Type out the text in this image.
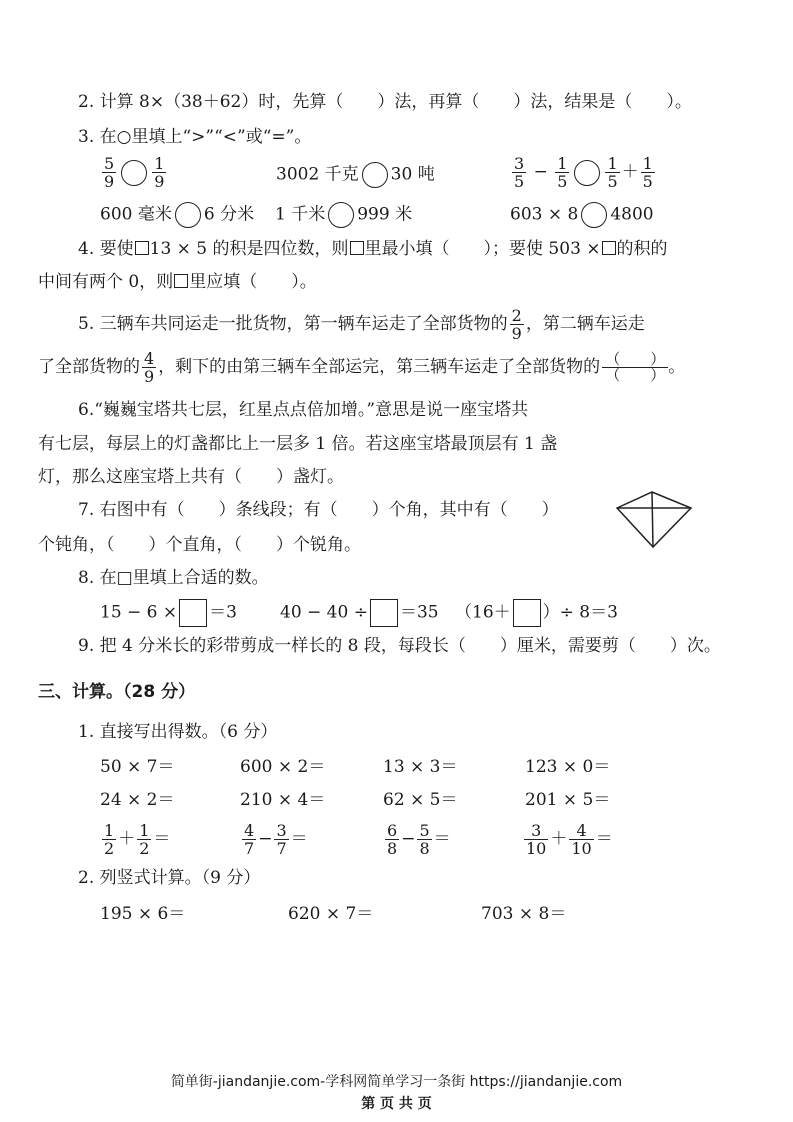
2. 计算 8×（38＋62）时，先算（　　）法，再算（　　）法，结果是（　　）。
3. 在○里填上“>”“<”或“=”。
$\frac{5}{9} \frac{1}{9}$	3002 千克 30 吨	$\frac{3}{5} - \frac{1}{5} \frac{1}{5} + \frac{1}{5}$
600 毫米 6 分米 1 千米 999 米	603 × 8 4800
4. 要使 13 × 5 的积是四位数，则 里最小填（　　）；要使 503 × 的积的
中间有两个 0，则 里应填（　　）。
5. 三辆车共同运走一批货物，第一辆车运走了全部货物的 $\frac{2}{9}$ ，第二辆车运走
了全部货物的 $\frac{4}{9}$ ，剩下的由第三辆车全部运完，第三辆车运走了全部货物的 （　　）
（　　） 。
6.“巍巍宝塔共七层，红星点点倍加增。”意思是说一座宝塔共
有七层，每层上的灯盏都比上一层多 1 倍。若这座宝塔最顶层有 1 盏
灯，那么这座宝塔上共有（　　）盏灯。
7. 右图中有（　　）条线段；有（　　）个角，其中有（　　）
个钝角，（　　）个直角，（　　）个锐角。
8. 在□里填上合适的数。
15 − 6 × ＝3	40 − 40 ÷ ＝35 （16＋ ）÷ 8＝3
9. 把 4 分米长的彩带剪成一样长的 8 段，每段长（　　）厘米，需要剪（　　）次。
三、计算。（28 分）
1. 直接写出得数。（6 分）
50 × 7＝	600 × 2＝	13 × 3＝	123 × 0＝
24 × 2＝	210 × 4＝	62 × 5＝	201 × 5＝
$\frac{1}{2} + \frac{1}{2}$ ＝	$\frac{4}{7} - \frac{3}{7}$ ＝	$\frac{6}{8} - \frac{5}{8}$ ＝	$\frac{3}{10} + \frac{4}{10}$ ＝
2. 列竖式计算。（9 分）
195 × 6＝	620 × 7＝	703 × 8＝
简单街-jiandanjie.com-学科网简单学习一条街 https://jiandanjie.com
第 页 共 页
